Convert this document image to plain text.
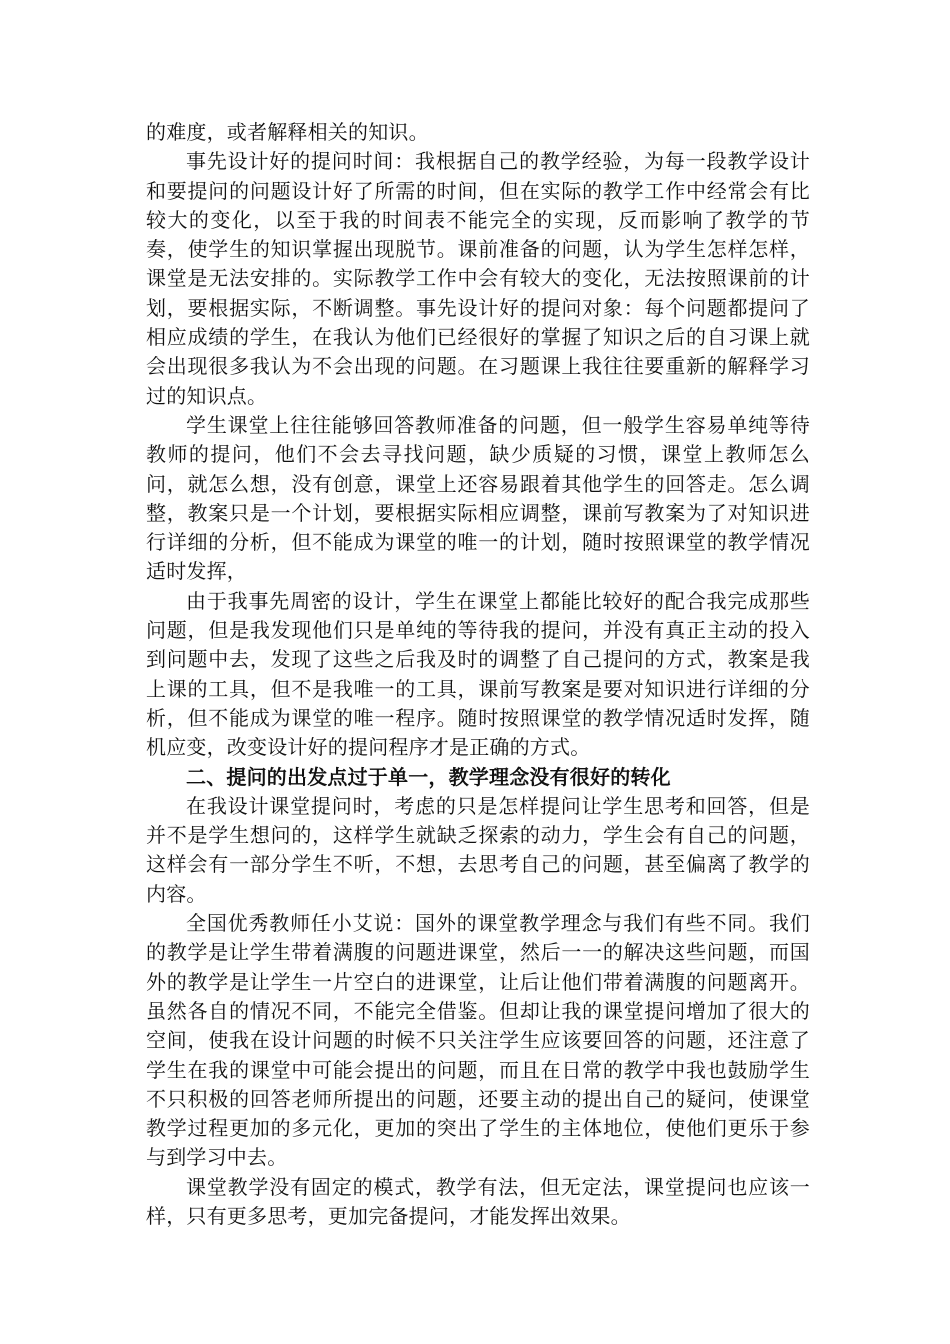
的难度，或者解释相关的知识。

事先设计好的提问时间：我根据自己的教学经验，为每一段教学设计和要提问的问题设计好了所需的时间，但在实际的教学工作中经常会有比较大的变化，以至于我的时间表不能完全的实现，反而影响了教学的节奏，使学生的知识掌握出现脱节。课前准备的问题，认为学生怎样怎样，课堂是无法安排的。实际教学工作中会有较大的变化，无法按照课前的计划，要根据实际，不断调整。事先设计好的提问对象：每个问题都提问了相应成绩的学生，在我认为他们已经很好的掌握了知识之后的自习课上就会出现很多我认为不会出现的问题。在习题课上我往往要重新的解释学习过的知识点。

学生课堂上往往能够回答教师准备的问题，但一般学生容易单纯等待教师的提问，他们不会去寻找问题，缺少质疑的习惯，课堂上教师怎么问，就怎么想，没有创意，课堂上还容易跟着其他学生的回答走。怎么调整，教案只是一个计划，要根据实际相应调整，课前写教案为了对知识进行详细的分析，但不能成为课堂的唯一的计划，随时按照课堂的教学情况适时发挥，

由于我事先周密的设计，学生在课堂上都能比较好的配合我完成那些问题，但是我发现他们只是单纯的等待我的提问，并没有真正主动的投入到问题中去，发现了这些之后我及时的调整了自己提问的方式，教案是我上课的工具，但不是我唯一的工具，课前写教案是要对知识进行详细的分析，但不能成为课堂的唯一程序。随时按照课堂的教学情况适时发挥，随机应变，改变设计好的提问程序才是正确的方式。

二、提问的出发点过于单一，教学理念没有很好的转化

在我设计课堂提问时，考虑的只是怎样提问让学生思考和回答，但是并不是学生想问的，这样学生就缺乏探索的动力，学生会有自己的问题，这样会有一部分学生不听，不想，去思考自己的问题，甚至偏离了教学的内容。

全国优秀教师任小艾说：国外的课堂教学理念与我们有些不同。我们的教学是让学生带着满腹的问题进课堂，然后一一的解决这些问题，而国外的教学是让学生一片空白的进课堂，让后让他们带着满腹的问题离开。虽然各自的情况不同，不能完全借鉴。但却让我的课堂提问增加了很大的空间，使我在设计问题的时候不只关注学生应该要回答的问题，还注意了学生在我的课堂中可能会提出的问题，而且在日常的教学中我也鼓励学生不只积极的回答老师所提出的问题，还要主动的提出自己的疑问，使课堂教学过程更加的多元化，更加的突出了学生的主体地位，使他们更乐于参与到学习中去。

课堂教学没有固定的模式，教学有法，但无定法，课堂提问也应该一样，只有更多思考，更加完备提问，才能发挥出效果。
